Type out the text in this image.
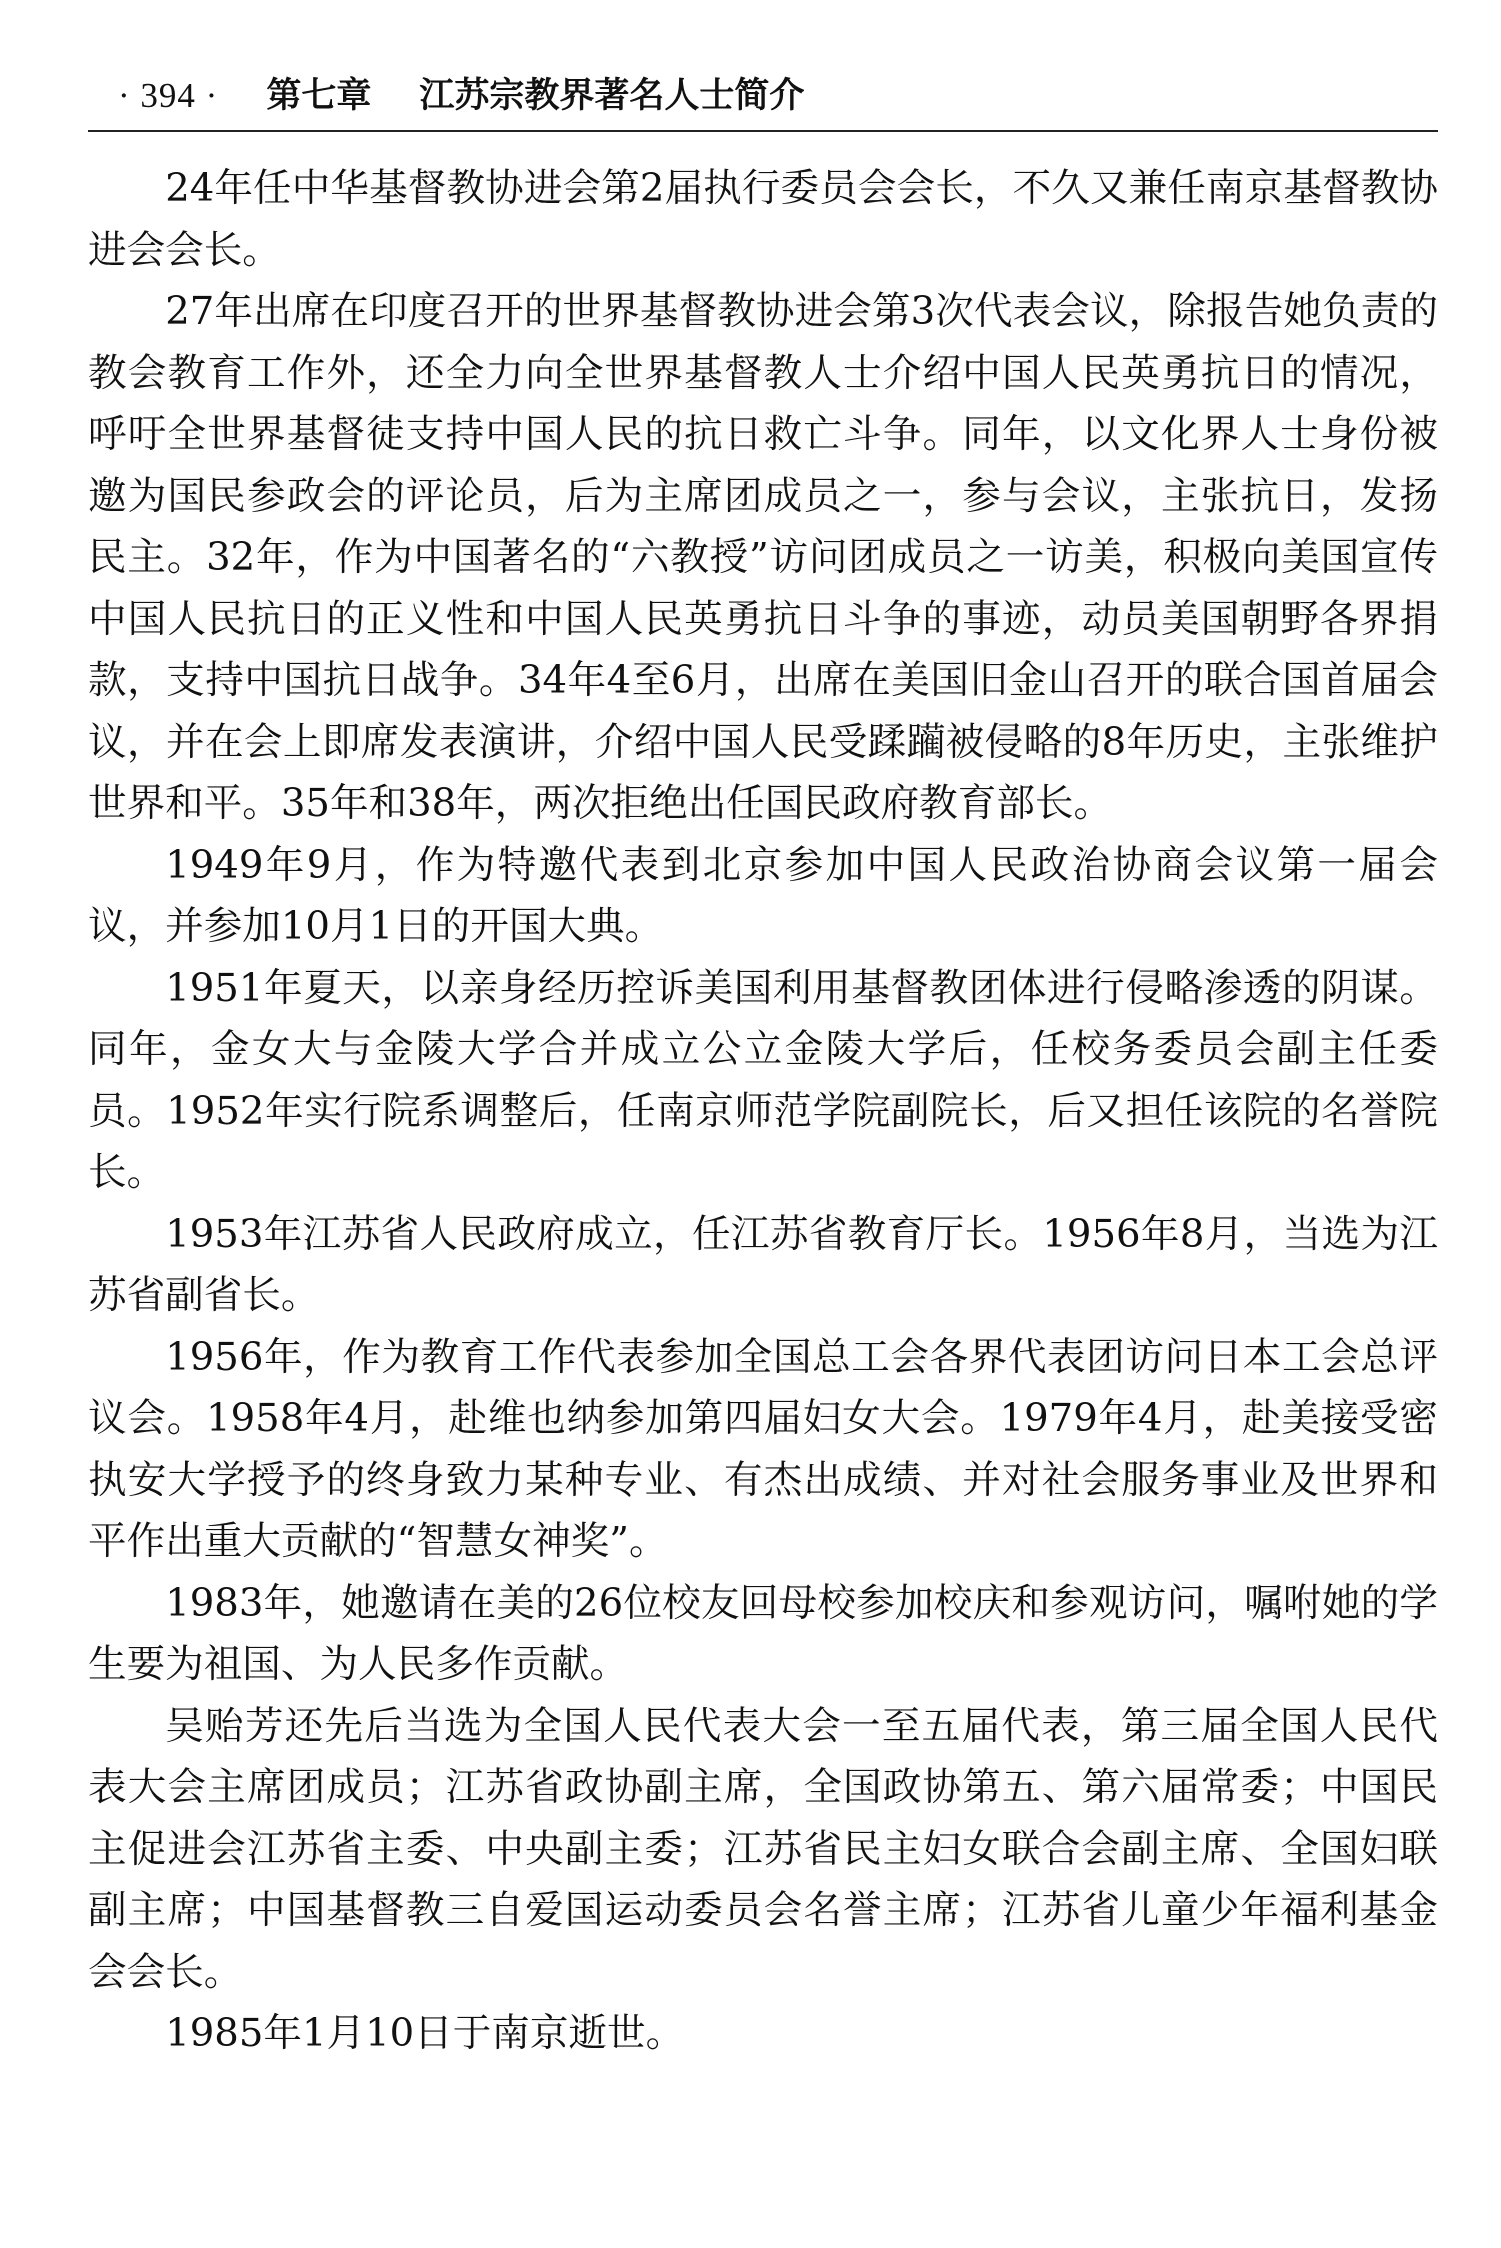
· 394 · 第七章 江苏宗教界著名人士简介

24年任中华基督教协进会第2届执行委员会会长，不久又兼任南京基督教协进会会长。

27年出席在印度召开的世界基督教协进会第3次代表会议，除报告她负责的教会教育工作外，还全力向全世界基督教人士介绍中国人民英勇抗日的情况，呼吁全世界基督徒支持中国人民的抗日救亡斗争。同年，以文化界人士身份被邀为国民参政会的评论员，后为主席团成员之一，参与会议，主张抗日，发扬民主。32年，作为中国著名的“六教授”访问团成员之一访美，积极向美国宣传中国人民抗日的正义性和中国人民英勇抗日斗争的事迹，动员美国朝野各界捐款，支持中国抗日战争。34年4至6月，出席在美国旧金山召开的联合国首届会议，并在会上即席发表演讲，介绍中国人民受蹂躏被侵略的8年历史，主张维护世界和平。35年和38年，两次拒绝出任国民政府教育部长。

1949年9月，作为特邀代表到北京参加中国人民政治协商会议第一届会议，并参加10月1日的开国大典。

1951年夏天，以亲身经历控诉美国利用基督教团体进行侵略渗透的阴谋。同年，金女大与金陵大学合并成立公立金陵大学后，任校务委员会副主任委员。1952年实行院系调整后，任南京师范学院副院长，后又担任该院的名誉院长。

1953年江苏省人民政府成立，任江苏省教育厅长。1956年8月，当选为江苏省副省长。

1956年，作为教育工作代表参加全国总工会各界代表团访问日本工会总评议会。1958年4月，赴维也纳参加第四届妇女大会。1979年4月，赴美接受密执安大学授予的终身致力某种专业、有杰出成绩、并对社会服务事业及世界和平作出重大贡献的“智慧女神奖”。

1983年，她邀请在美的26位校友回母校参加校庆和参观访问，嘱咐她的学生要为祖国、为人民多作贡献。

吴贻芳还先后当选为全国人民代表大会一至五届代表，第三届全国人民代表大会主席团成员；江苏省政协副主席，全国政协第五、第六届常委；中国民主促进会江苏省主委、中央副主委；江苏省民主妇女联合会副主席、全国妇联副主席；中国基督教三自爱国运动委员会名誉主席；江苏省儿童少年福利基金会会长。

1985年1月10日于南京逝世。
